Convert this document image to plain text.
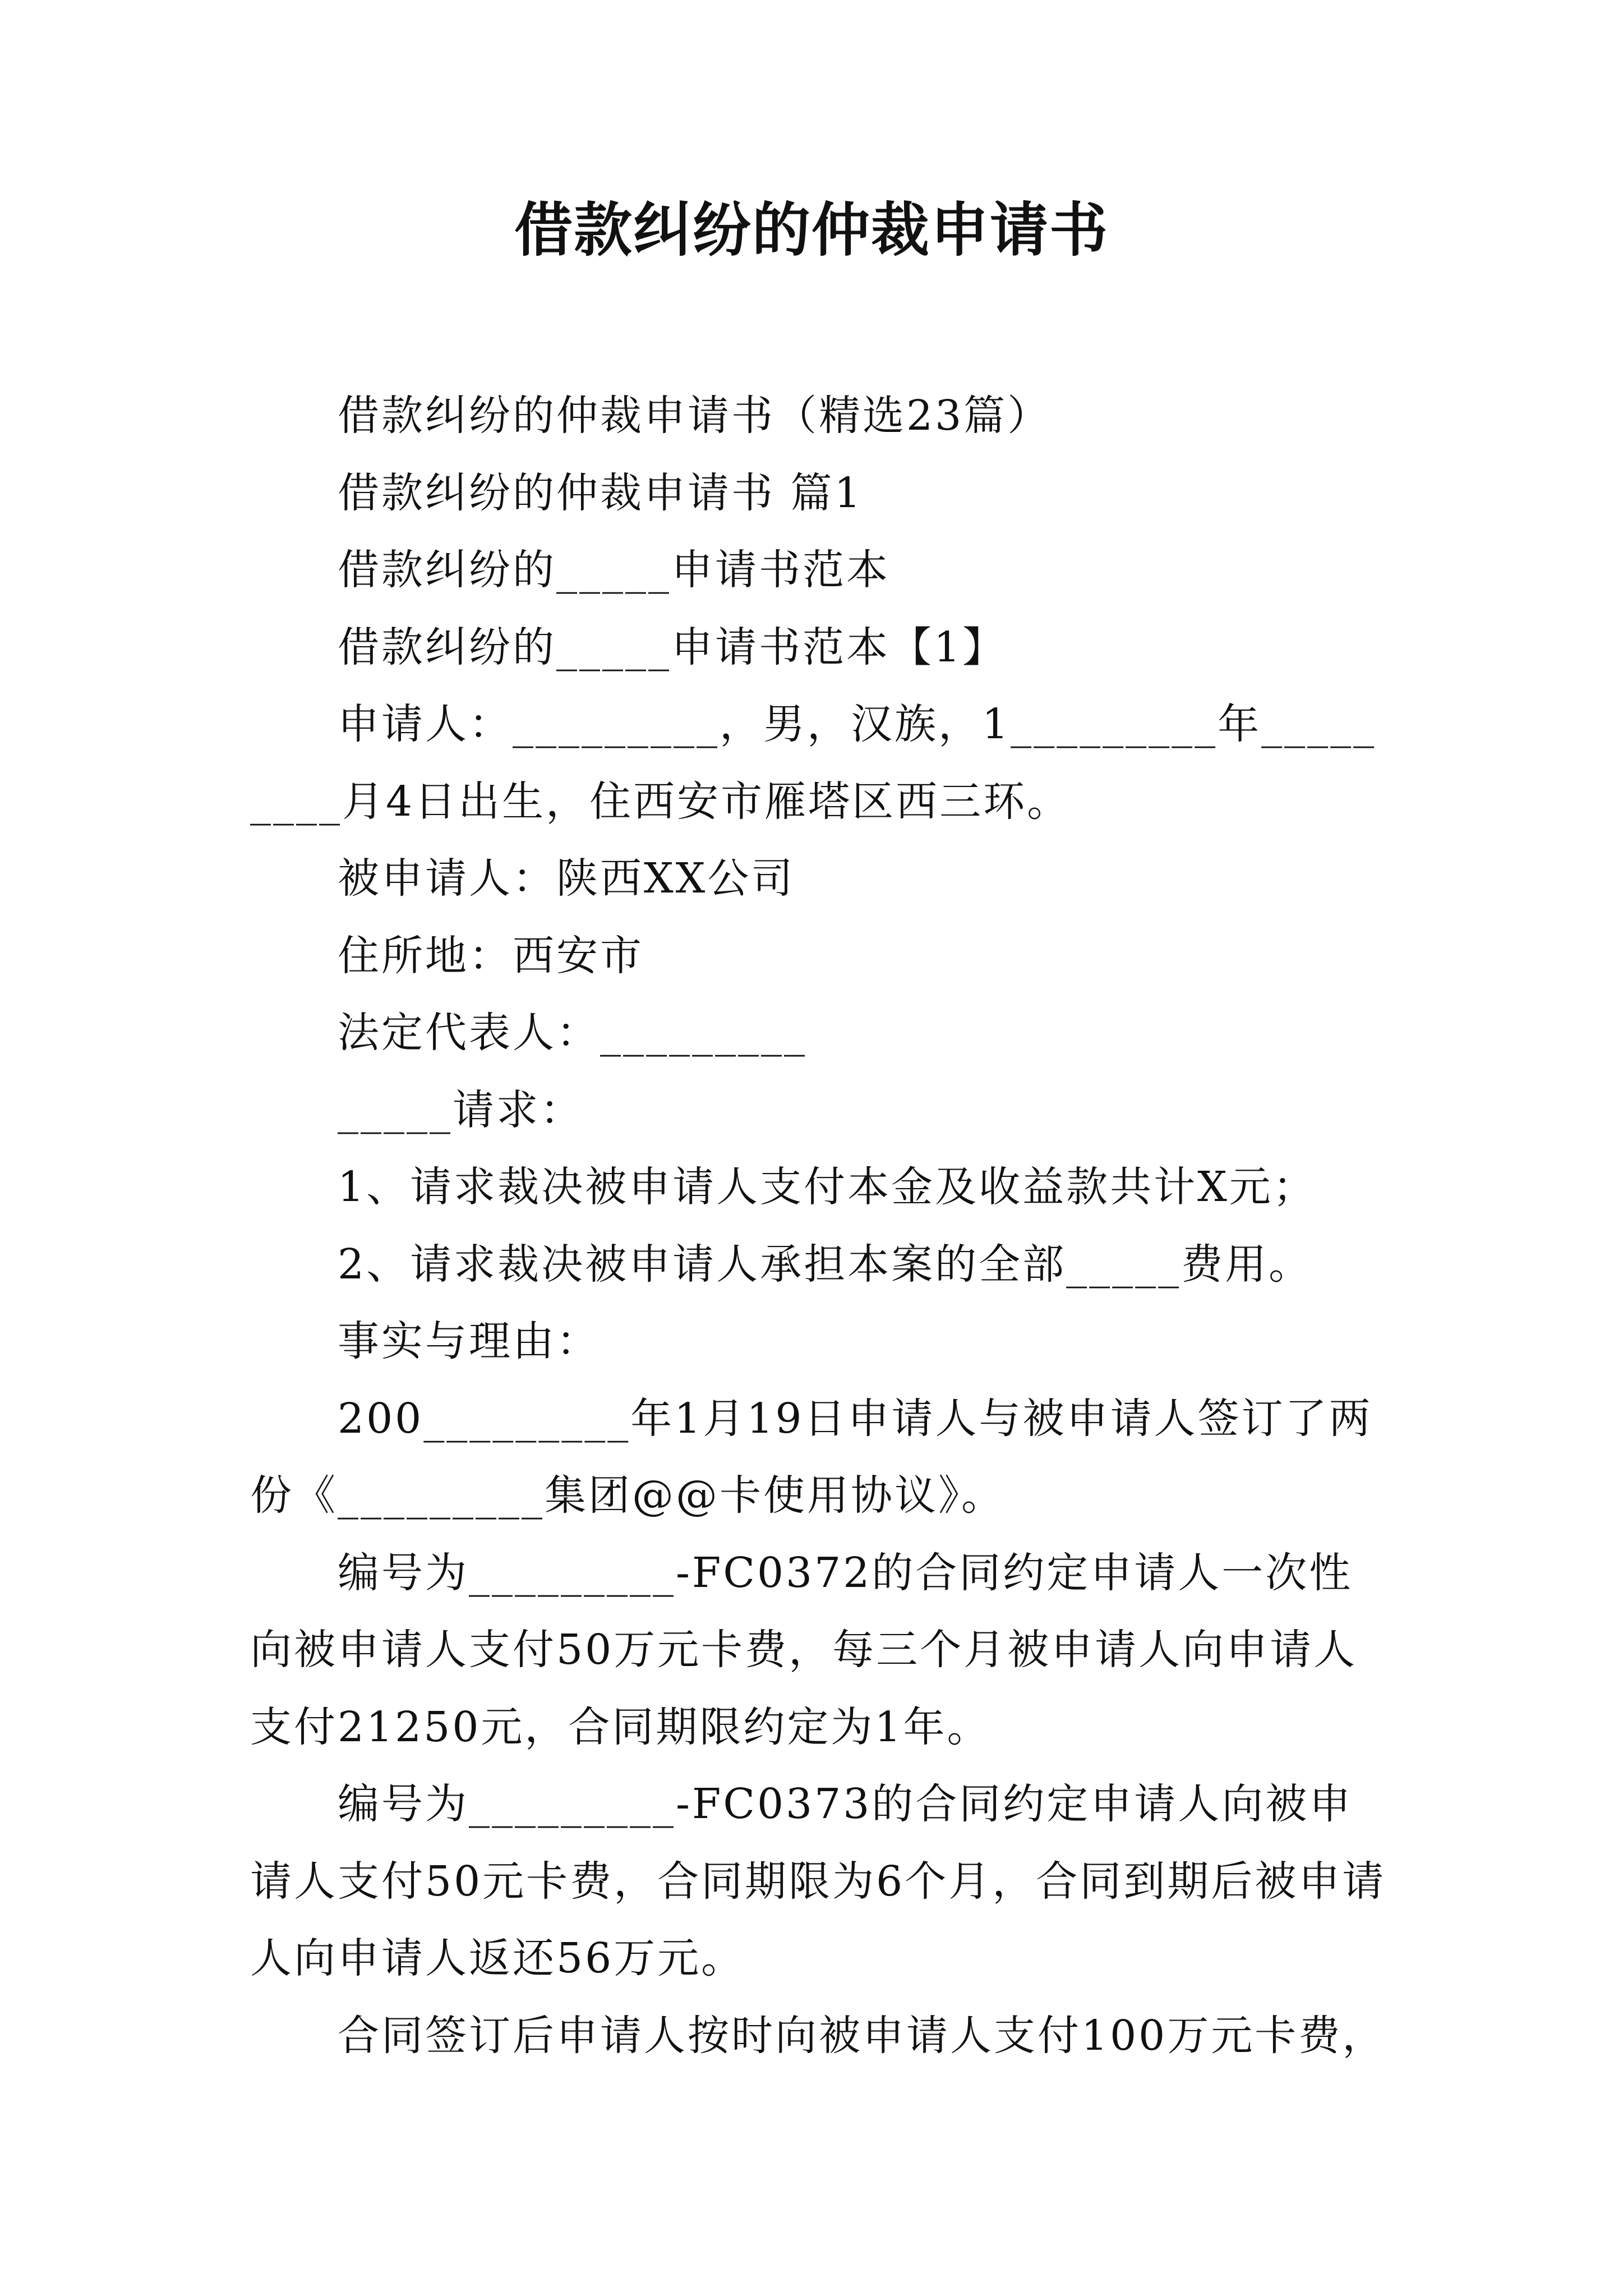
借款纠纷的仲裁申请书

借款纠纷的仲裁申请书（精选23篇）

借款纠纷的仲裁申请书 篇1

借款纠纷的_____申请书范本

借款纠纷的_____申请书范本【1】

申请人：_________，男，汉族，1_________年_________月4日出生，住西安市雁塔区西三环。

被申请人：陕西XX公司

住所地：西安市

法定代表人：_________

_____请求：

1、请求裁决被申请人支付本金及收益款共计X元；

2、请求裁决被申请人承担本案的全部_____费用。

事实与理由：

200_________年1月19日申请人与被申请人签订了两份《_________集团@@卡使用协议》。

编号为_________-FC0372的合同约定申请人一次性向被申请人支付50万元卡费，每三个月被申请人向申请人支付21250元，合同期限约定为1年。

编号为_________-FC0373的合同约定申请人向被申请人支付50元卡费，合同期限为6个月，合同到期后被申请人向申请人返还56万元。

合同签订后申请人按时向被申请人支付100万元卡费，
